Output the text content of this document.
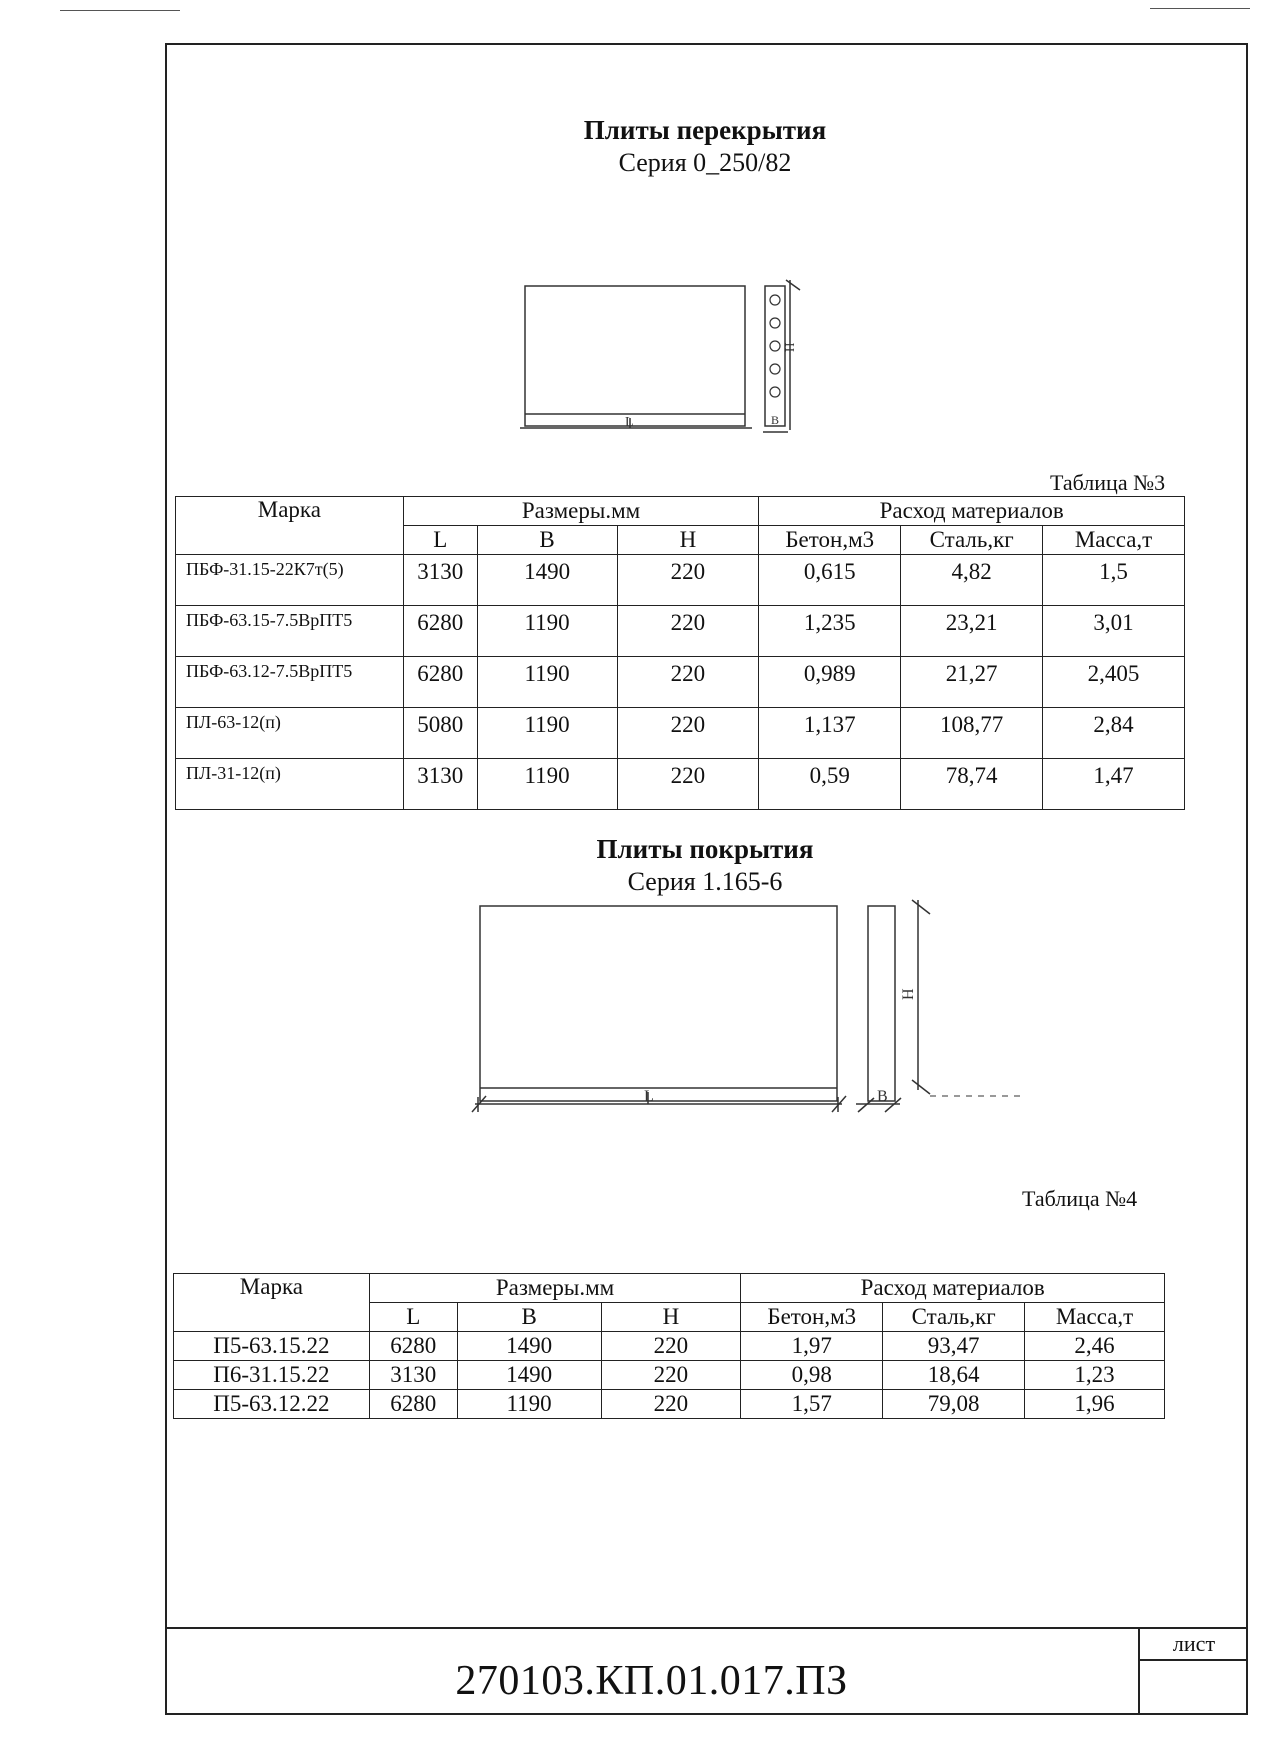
Плиты перекрытия
Серия 0_250/82
L
H
B
Таблица №3
Марка	Размеры.мм			Расход материалов		
	L	B	H	Бетон,м3	Сталь,кг	Масса,т
ПБФ-31.15-22К7т(5)	3130	1490	220	0,615	4,82	1,5
ПБФ-63.15-7.5ВрПТ5	6280	1190	220	1,235	23,21	3,01
ПБФ-63.12-7.5ВрПТ5	6280	1190	220	0,989	21,27	2,405
ПЛ-63-12(п)	5080	1190	220	1,137	108,77	2,84
ПЛ-31-12(п)	3130	1190	220	0,59	78,74	1,47
Плиты покрытия
Серия 1.165-6
L
H
B
Таблица №4
Марка	Размеры.мм			Расход материалов		
	L	B	H	Бетон,м3	Сталь,кг	Масса,т
П5-63.15.22	6280	1490	220	1,97	93,47	2,46
П6-31.15.22	3130	1490	220	0,98	18,64	1,23
П5-63.12.22	6280	1190	220	1,57	79,08	1,96
270103.КП.01.017.ПЗ
лист
